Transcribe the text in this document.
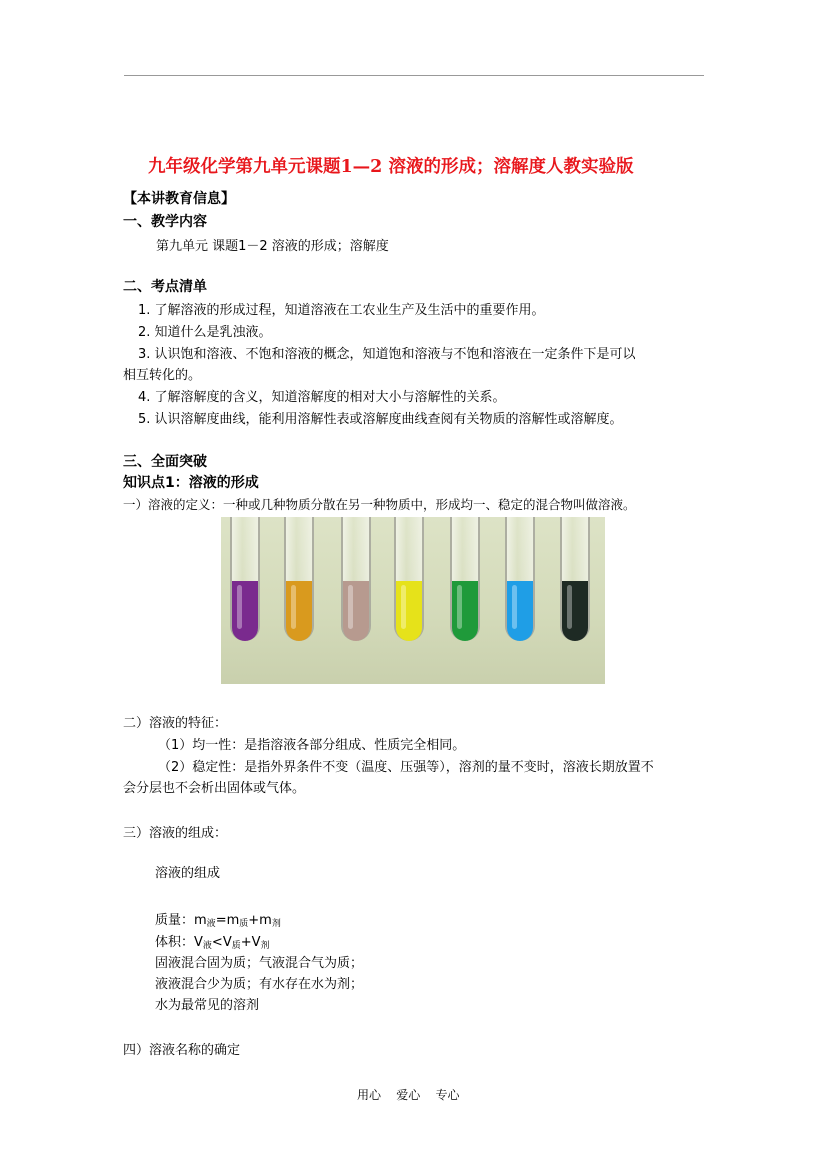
九年级化学第九单元课题1—2 溶液的形成；溶解度人教实验版
【本讲教育信息】
一、教学内容
第九单元 课题1－2 溶液的形成；溶解度
二、考点清单
1. 了解溶液的形成过程，知道溶液在工农业生产及生活中的重要作用。
2. 知道什么是乳浊液。
3. 认识饱和溶液、不饱和溶液的概念，知道饱和溶液与不饱和溶液在一定条件下是可以
相互转化的。
4. 了解溶解度的含义，知道溶解度的相对大小与溶解性的关系。
5. 认识溶解度曲线，能利用溶解性表或溶解度曲线查阅有关物质的溶解性或溶解度。
三、全面突破
知识点1：溶液的形成
一）溶液的定义：一种或几种物质分散在另一种物质中，形成均一、稳定的混合物叫做溶液。
二）溶液的特征：
（1）均一性：是指溶液各部分组成、性质完全相同。
（2）稳定性：是指外界条件不变（温度、压强等），溶剂的量不变时，溶液长期放置不
会分层也不会析出固体或气体。
三）溶液的组成：
溶液的组成
质量：$m_液=m_质+m_剂$
体积：$V_液<V_质+V_剂$
固液混合固为质；气液混合气为质；
液液混合少为质；有水存在水为剂；
水为最常见的溶剂
四）溶液名称的确定
用心    爱心    专心
